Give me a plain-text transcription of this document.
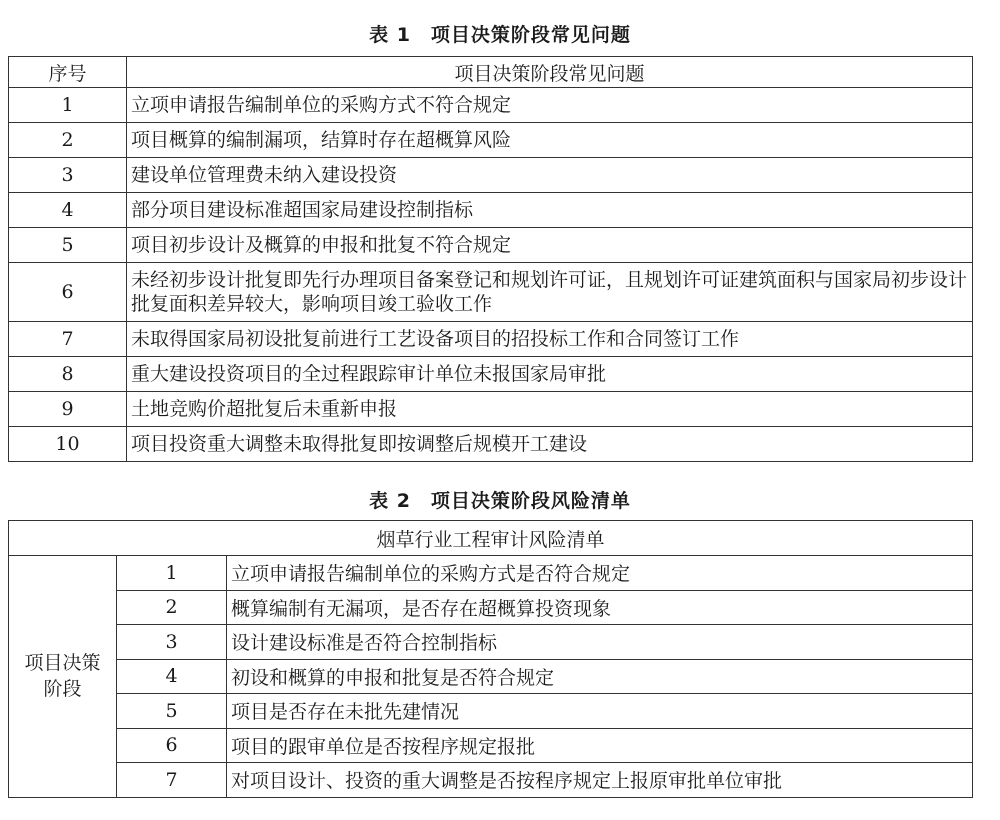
表 1　项目决策阶段常见问题
序号	项目决策阶段常见问题
1	立项申请报告编制单位的采购方式不符合规定
2	项目概算的编制漏项，结算时存在超概算风险
3	建设单位管理费未纳入建设投资
4	部分项目建设标准超国家局建设控制指标
5	项目初步设计及概算的申报和批复不符合规定
6	未经初步设计批复即先行办理项目备案登记和规划许可证，且规划许可证建筑面积与国家局初步设计批复面积差异较大，影响项目竣工验收工作
7	未取得国家局初设批复前进行工艺设备项目的招投标工作和合同签订工作
8	重大建设投资项目的全过程跟踪审计单位未报国家局审批
9	土地竞购价超批复后未重新申报
10	项目投资重大调整未取得批复即按调整后规模开工建设
表 2　项目决策阶段风险清单
烟草行业工程审计风险清单		
项目决策
阶段	1	立项申请报告编制单位的采购方式是否符合规定
	2	概算编制有无漏项，是否存在超概算投资现象
	3	设计建设标准是否符合控制指标
	4	初设和概算的申报和批复是否符合规定
	5	项目是否存在未批先建情况
	6	项目的跟审单位是否按程序规定报批
	7	对项目设计、投资的重大调整是否按程序规定上报原审批单位审批
